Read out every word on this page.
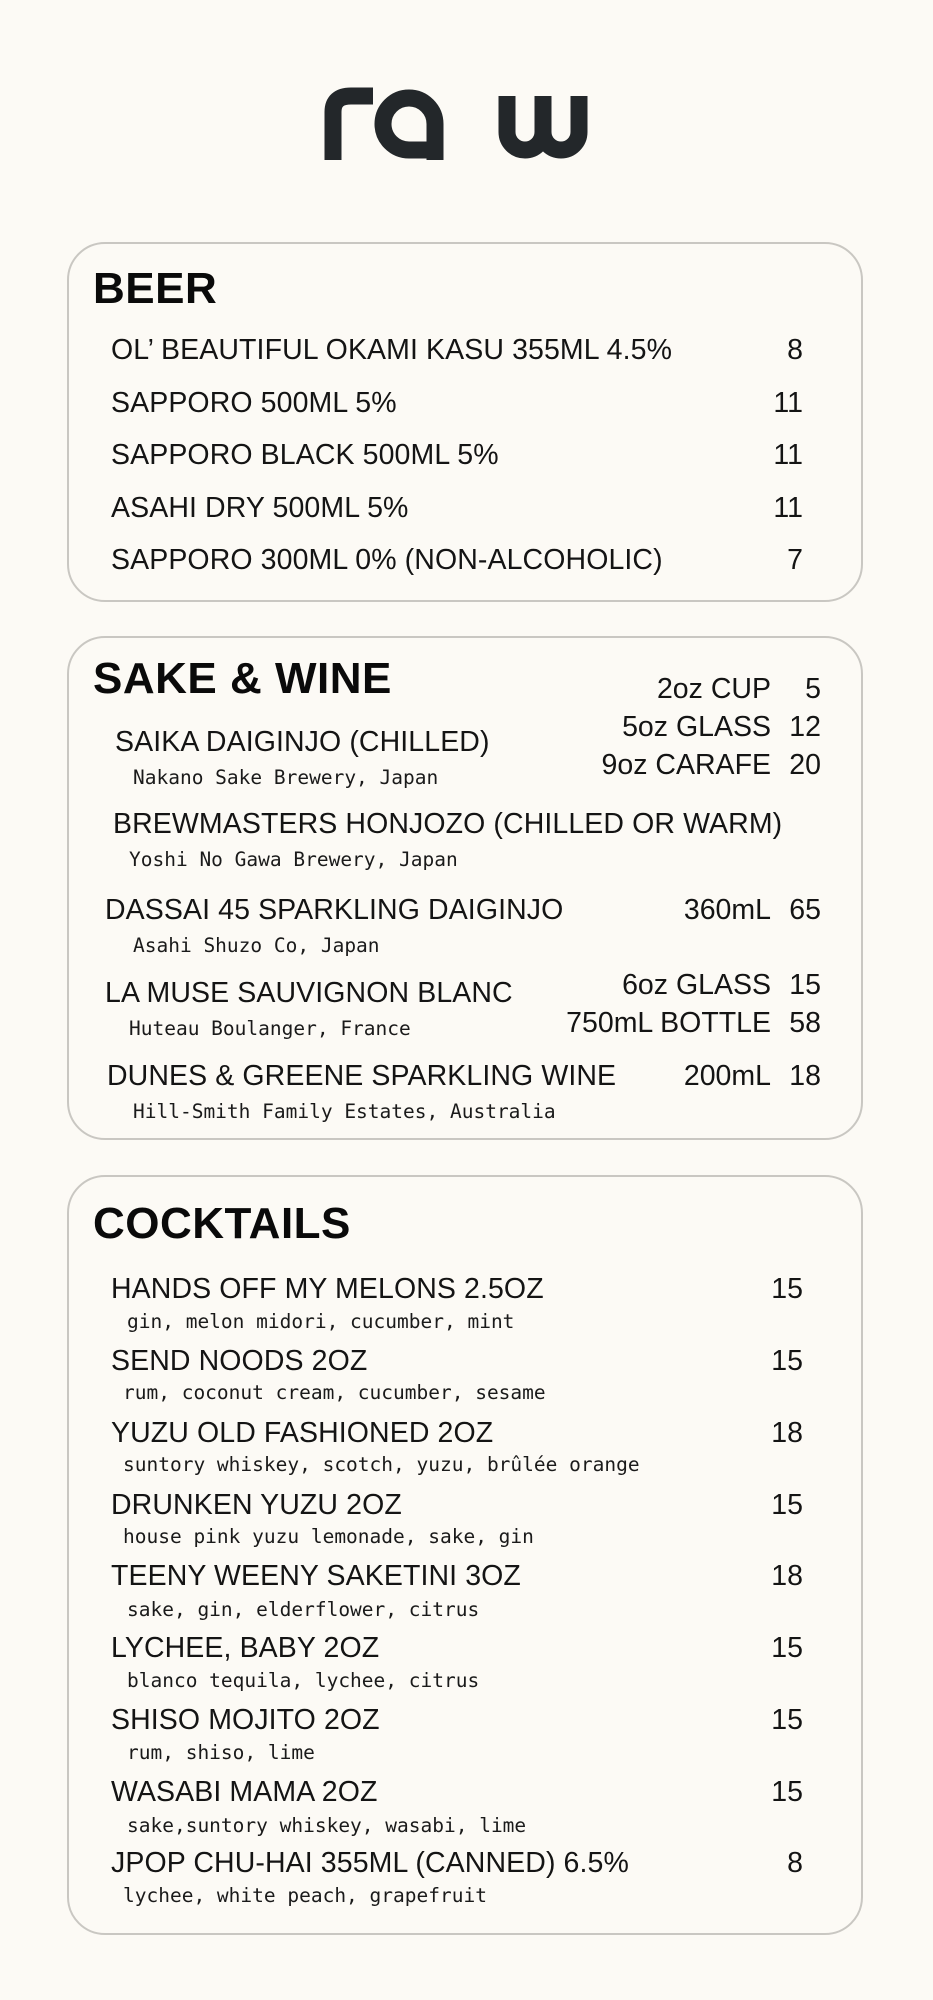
BEER
OL’ BEAUTIFUL OKAMI KASU 355ML 4.5%	8
SAPPORO 500ML 5%	11
SAPPORO BLACK 500ML 5%	11
ASAHI DRY 500ML 5%	11
SAPPORO 300ML 0% (NON-ALCOHOLIC)	7
SAKE & WINE	2oz CUP	5
5oz GLASS 12
9oz CARAFE 20
SAIKA DAIGINJO (CHILLED)
Nakano Sake Brewery, Japan
BREWMASTERS HONJOZO (CHILLED OR WARM)
Yoshi No Gawa Brewery, Japan
DASSAI 45 SPARKLING DAIGINJO
Asahi Shuzo Co, Japan
360mL 65
LA MUSE SAUVIGNON BLANC
Huteau Boulanger, France
6oz GLASS 15
750mL BOTTLE 58
DUNES & GREENE SPARKLING WINE
Hill-Smith Family Estates, Australia
200mL 18
COCKTAILS
HANDS OFF MY MELONS 2.5OZ	15
gin, melon midori, cucumber, mint
SEND NOODS 2OZ	15
rum, coconut cream, cucumber, sesame
YUZU OLD FASHIONED 2OZ	18
suntory whiskey, scotch, yuzu, brûlée orange
DRUNKEN YUZU 2OZ	15
house pink yuzu lemonade, sake, gin
TEENY WEENY SAKETINI 3OZ	18
sake, gin, elderflower, citrus
LYCHEE, BABY 2OZ	15
blanco tequila, lychee, citrus
SHISO MOJITO 2OZ	15
rum, shiso, lime
WASABI MAMA 2OZ	15
sake,suntory whiskey, wasabi, lime
JPOP CHU-HAI 355ML (CANNED) 6.5%	8
lychee, white peach, grapefruit
